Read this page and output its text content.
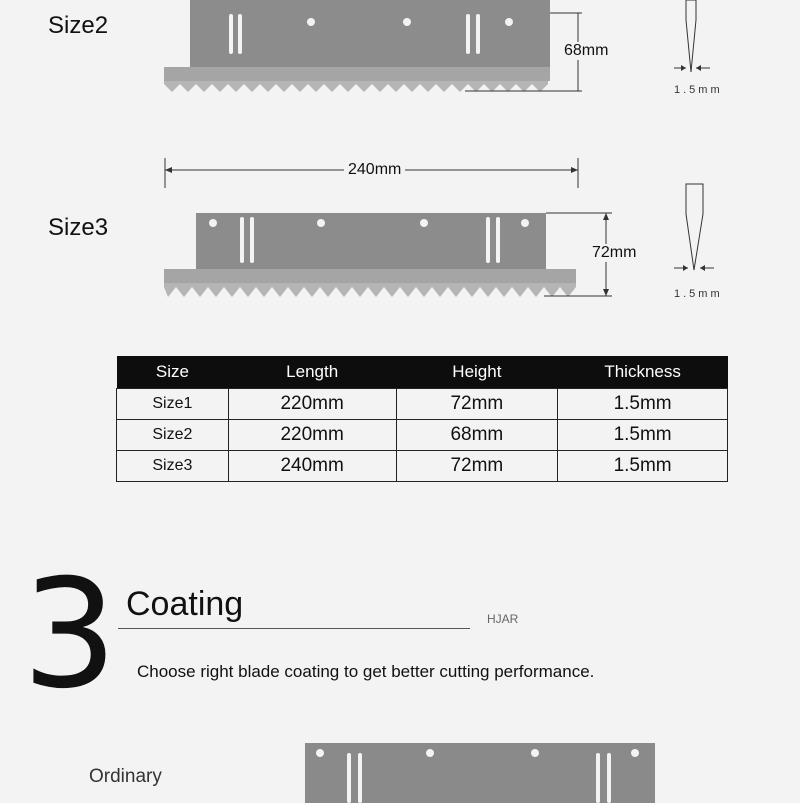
Size2
68mm
1.5mm
240mm
Size3
72mm
1.5mm
Size	Length	Height	Thickness
Size1	220mm	72mm	1.5mm
Size2	220mm	68mm	1.5mm
Size3	240mm	72mm	1.5mm
3 Coating	HJAR
Choose right blade coating to get better cutting performance.
Ordinary
